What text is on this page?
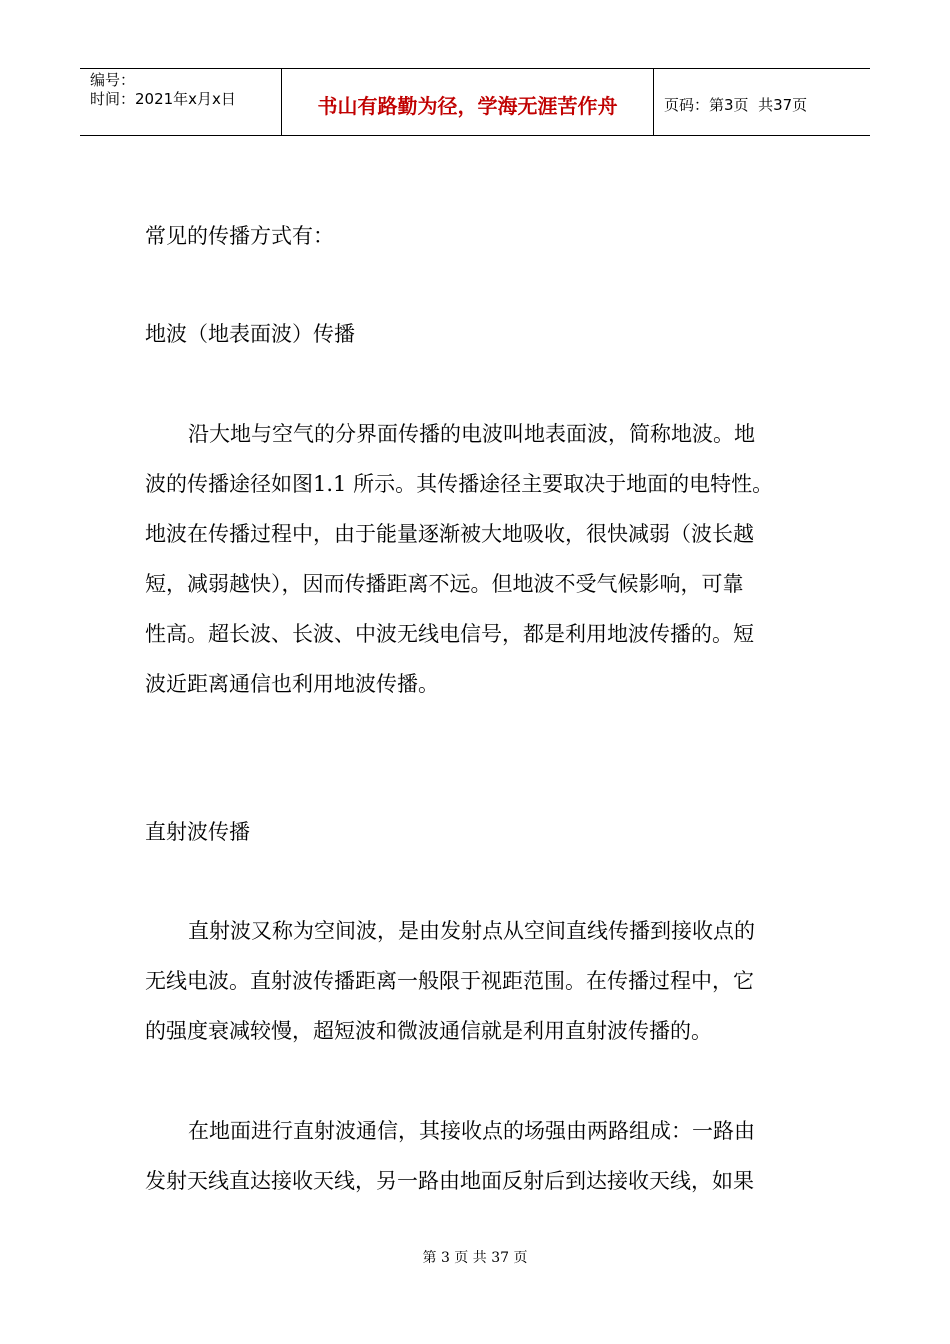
编号：
时间：2021年x月x日	书山有路勤为径，学海无涯苦作舟	页码：第3页  共37页
常见的传播方式有：
地波（地表面波）传播
沿大地与空气的分界面传播的电波叫地表面波，简称地波。地
波的传播途径如图1.1 所示。其传播途径主要取决于地面的电特性。
地波在传播过程中，由于能量逐渐被大地吸收，很快减弱（波长越
短，减弱越快），因而传播距离不远。但地波不受气候影响，可靠
性高。超长波、长波、中波无线电信号，都是利用地波传播的。短
波近距离通信也利用地波传播。
直射波传播
直射波又称为空间波，是由发射点从空间直线传播到接收点的
无线电波。直射波传播距离一般限于视距范围。在传播过程中，它
的强度衰减较慢，超短波和微波通信就是利用直射波传播的。
在地面进行直射波通信，其接收点的场强由两路组成：一路由
发射天线直达接收天线，另一路由地面反射后到达接收天线，如果
第 3 页 共 37 页
